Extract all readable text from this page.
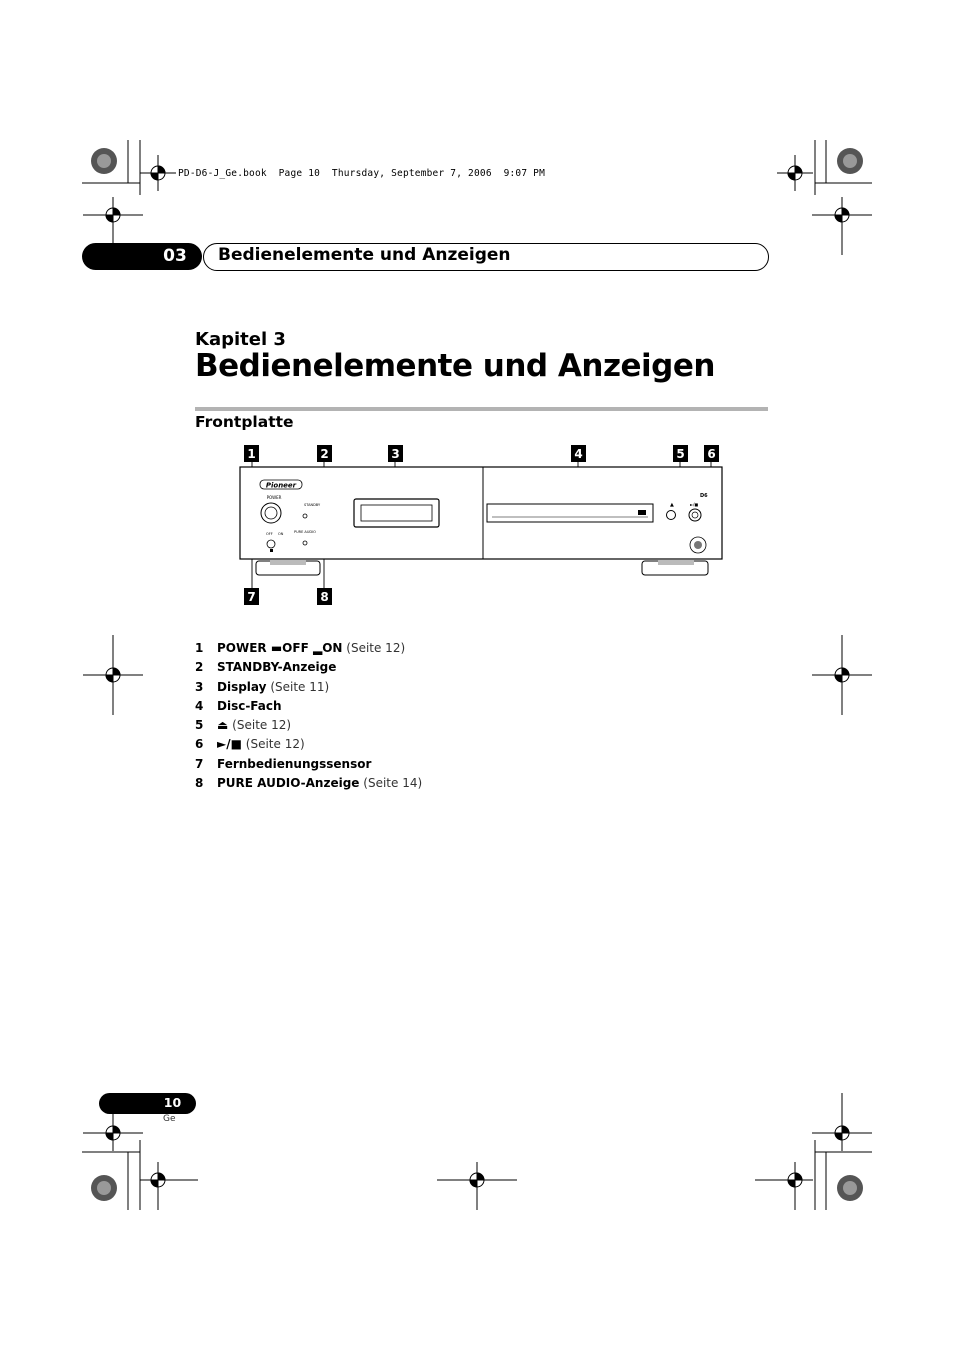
PD-D6-J_Ge.book  Page 10  Thursday, September 7, 2006  9:07 PM
03	Bedienelemente und Anzeigen
Kapitel 3
Bedienelemente und Anzeigen
Frontplatte
Pioneer
POWER
OFF ON
STANDBY
PURE AUDIO
▲	►/■
D6
1	2	3	4	5 6
7	8
1 POWER ▬OFF ▂ON (Seite 12)
2 STANDBY-Anzeige
3 Display (Seite 11)
4 Disc-Fach
5 ⏏ (Seite 12)
6 ►/■ (Seite 12)
7 Fernbedienungssensor
8 PURE AUDIO-Anzeige (Seite 14)
10
Ge
